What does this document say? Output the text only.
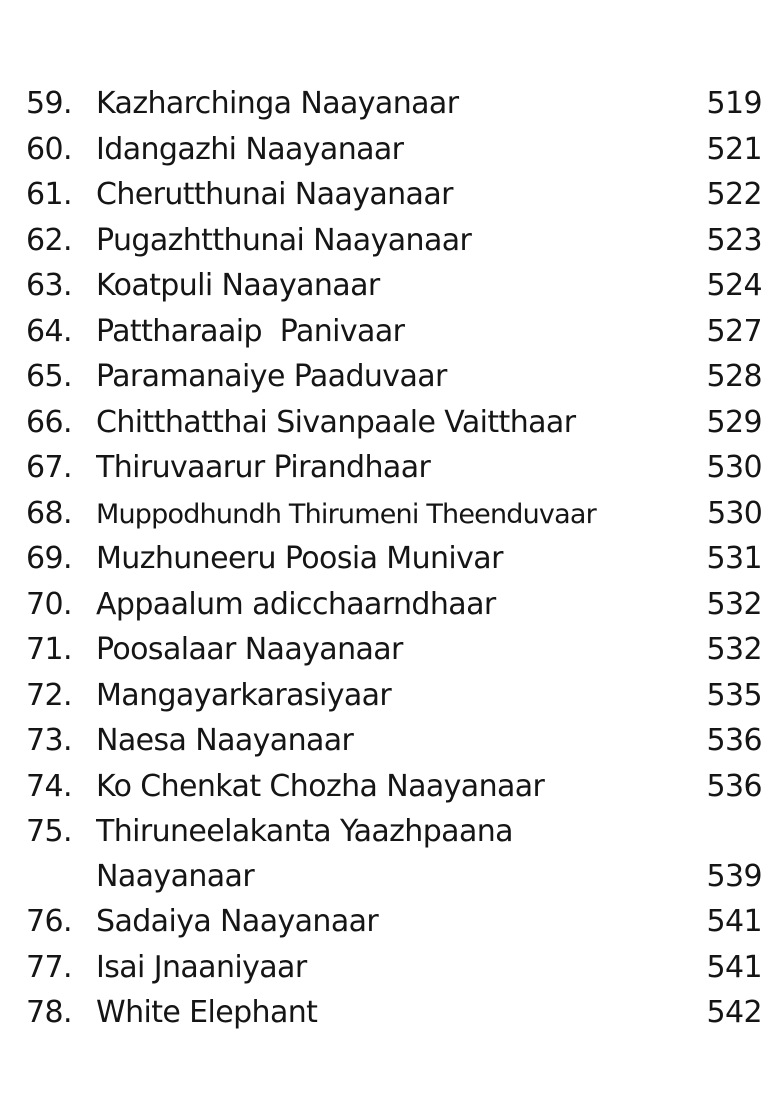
59. Kazharchinga Naayanaar	519
60. Idangazhi Naayanaar	521
61. Cherutthunai Naayanaar	522
62. Pugazhtthunai Naayanaar	523
63. Koatpuli Naayanaar	524
64. Pattharaaip  Panivaar	527
65. Paramanaiye Paaduvaar	528
66. Chitthatthai Sivanpaale Vaitthaar	529
67. Thiruvaarur Pirandhaar	530
68. Muppodhundh Thirumeni Theenduvaar	530
69. Muzhuneeru Poosia Munivar	531
70. Appaalum adicchaarndhaar	532
71. Poosalaar Naayanaar	532
72. Mangayarkarasiyaar	535
73. Naesa Naayanaar	536
74. Ko Chenkat Chozha Naayanaar	536
75. Thiruneelakanta Yaazhpaana
Naayanaar	539
76. Sadaiya Naayanaar	541
77. Isai Jnaaniyaar	541
78. White Elephant	542
